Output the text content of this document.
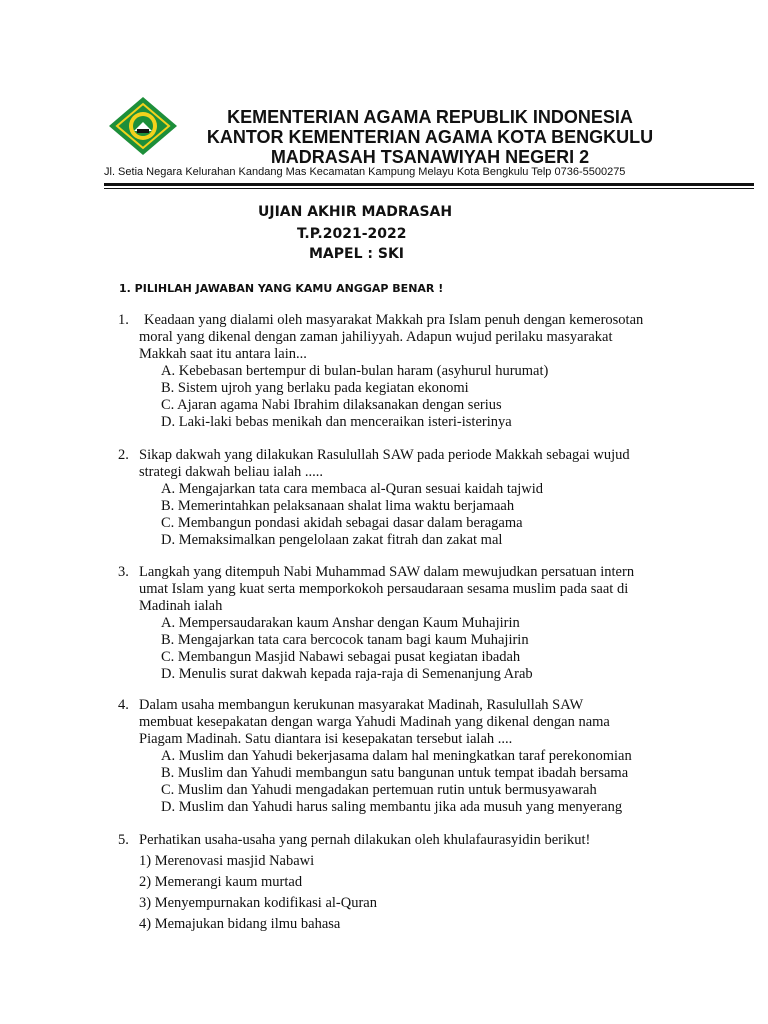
KEMENTERIAN AGAMA REPUBLIK INDONESIA
KANTOR KEMENTERIAN AGAMA KOTA BENGKULU
MADRASAH TSANAWIYAH NEGERI 2
Jl. Setia Negara Kelurahan Kandang Mas Kecamatan Kampung Melayu Kota Bengkulu Telp 0736-5500275
UJIAN AKHIR MADRASAH
T.P.2021-2022
MAPEL : SKI
1. PILIHLAH JAWABAN YANG KAMU ANGGAP BENAR !
1.	Keadaan yang dialami oleh masyarakat Makkah pra Islam penuh dengan kemerosotan
moral yang dikenal dengan zaman jahiliyyah. Adapun wujud perilaku masyarakat
Makkah saat itu antara lain...
A. Kebebasan bertempur di bulan-bulan haram (asyhurul hurumat)
B. Sistem ujroh yang berlaku pada kegiatan ekonomi
C. Ajaran agama Nabi Ibrahim dilaksanakan dengan serius
D. Laki-laki bebas menikah dan menceraikan isteri-isterinya
2. Sikap dakwah yang dilakukan Rasulullah SAW pada periode Makkah sebagai wujud
strategi dakwah beliau ialah .....
A. Mengajarkan tata cara membaca al-Quran sesuai kaidah tajwid
B. Memerintahkan pelaksanaan shalat lima waktu berjamaah
C. Membangun pondasi akidah sebagai dasar dalam beragama
D. Memaksimalkan pengelolaan zakat fitrah dan zakat mal
3. Langkah yang ditempuh Nabi Muhammad SAW dalam mewujudkan persatuan intern
umat Islam yang kuat serta memporkokoh persaudaraan sesama muslim pada saat di
Madinah ialah
A. Mempersaudarakan kaum Anshar dengan Kaum Muhajirin
B. Mengajarkan tata cara bercocok tanam bagi kaum Muhajirin
C. Membangun Masjid Nabawi sebagai pusat kegiatan ibadah
D. Menulis surat dakwah kepada raja-raja di Semenanjung Arab
4. Dalam usaha membangun kerukunan masyarakat Madinah, Rasulullah SAW
membuat kesepakatan dengan warga Yahudi Madinah yang dikenal dengan nama
Piagam Madinah. Satu diantara isi kesepakatan tersebut ialah ....
A. Muslim dan Yahudi bekerjasama dalam hal meningkatkan taraf perekonomian
B. Muslim dan Yahudi membangun satu bangunan untuk tempat ibadah bersama
C. Muslim dan Yahudi mengadakan pertemuan rutin untuk bermusyawarah
D. Muslim dan Yahudi harus saling membantu jika ada musuh yang menyerang
5. Perhatikan usaha-usaha yang pernah dilakukan oleh khulafaurasyidin berikut!
1) Merenovasi masjid Nabawi
2) Memerangi kaum murtad
3) Menyempurnakan kodifikasi al-Quran
4) Memajukan bidang ilmu bahasa
